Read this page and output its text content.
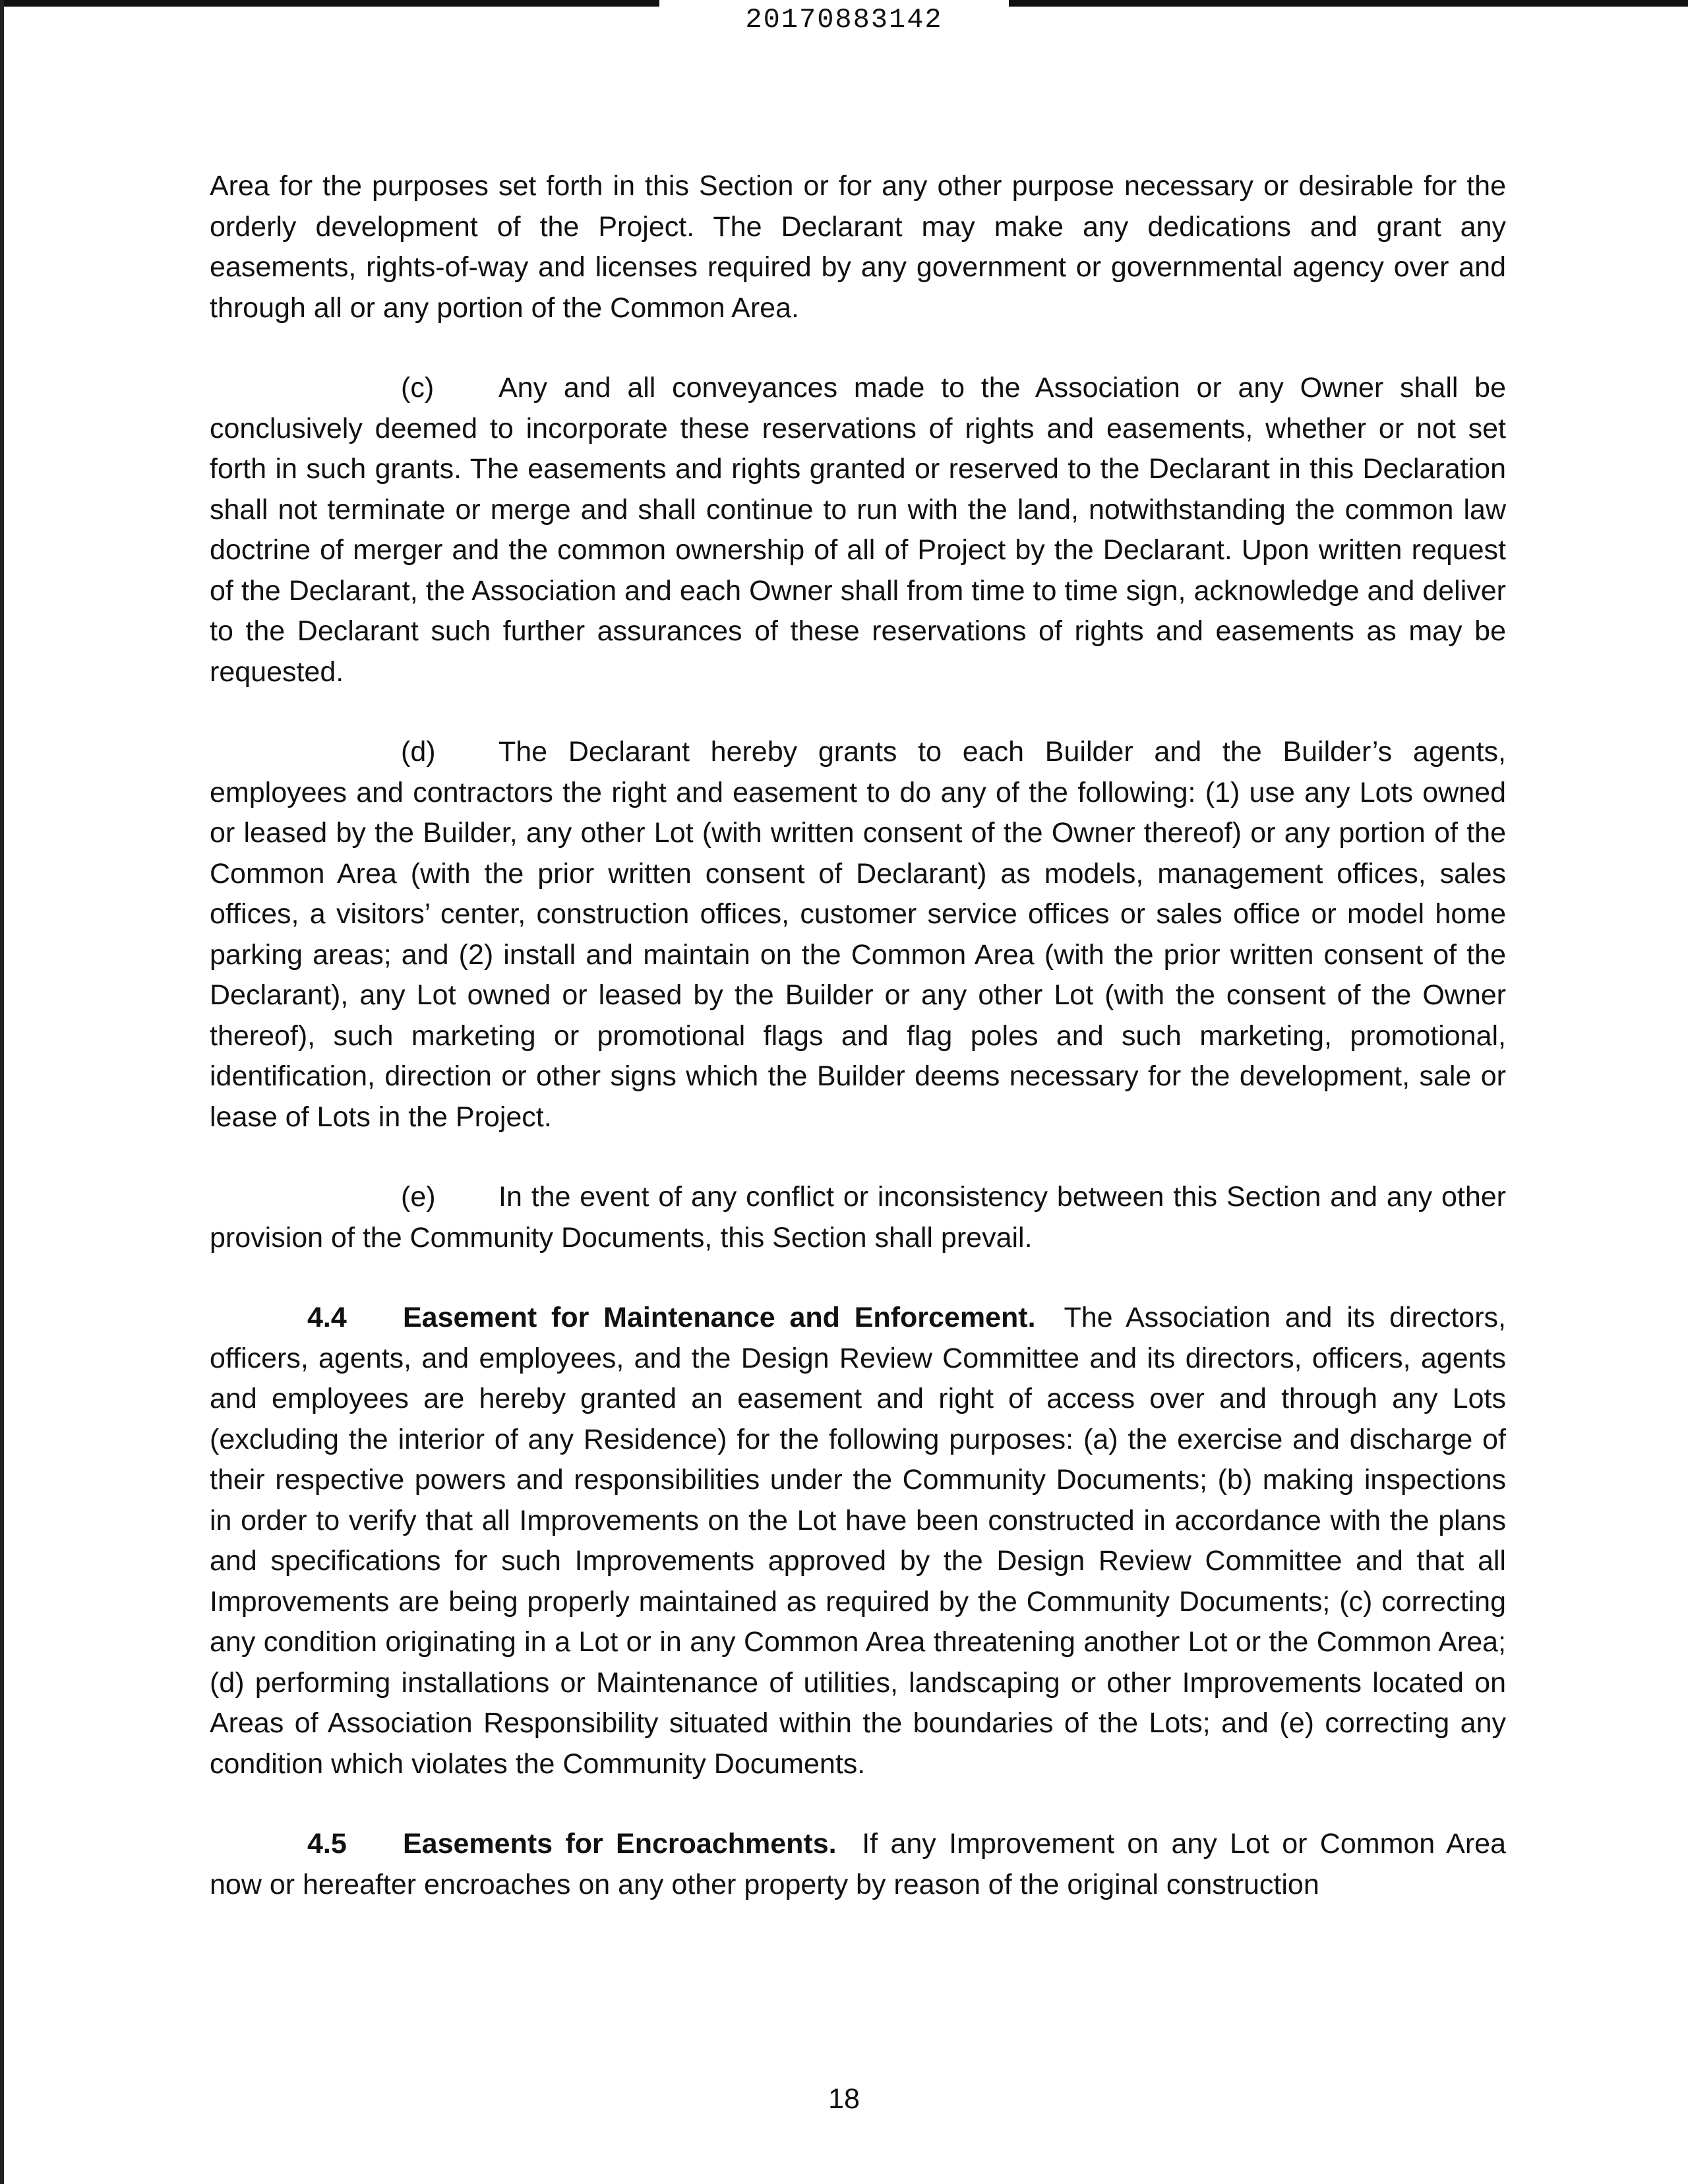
20170883142

Area for the purposes set forth in this Section or for any other purpose necessary or desirable for the orderly development of the Project. The Declarant may make any dedications and grant any easements, rights-of-way and licenses required by any government or governmental agency over and through all or any portion of the Common Area.

(c) Any and all conveyances made to the Association or any Owner shall be conclusively deemed to incorporate these reservations of rights and easements, whether or not set forth in such grants. The easements and rights granted or reserved to the Declarant in this Declaration shall not terminate or merge and shall continue to run with the land, notwithstanding the common law doctrine of merger and the common ownership of all of Project by the Declarant. Upon written request of the Declarant, the Association and each Owner shall from time to time sign, acknowledge and deliver to the Declarant such further assurances of these reservations of rights and easements as may be requested.

(d) The Declarant hereby grants to each Builder and the Builder’s agents, employees and contractors the right and easement to do any of the following: (1) use any Lots owned or leased by the Builder, any other Lot (with written consent of the Owner thereof) or any portion of the Common Area (with the prior written consent of Declarant) as models, management offices, sales offices, a visitors’ center, construction offices, customer service offices or sales office or model home parking areas; and (2) install and maintain on the Common Area (with the prior written consent of the Declarant), any Lot owned or leased by the Builder or any other Lot (with the consent of the Owner thereof), such marketing or promotional flags and flag poles and such marketing, promotional, identification, direction or other signs which the Builder deems necessary for the development, sale or lease of Lots in the Project.

(e) In the event of any conflict or inconsistency between this Section and any other provision of the Community Documents, this Section shall prevail.

4.4 Easement for Maintenance and Enforcement. The Association and its directors, officers, agents, and employees, and the Design Review Committee and its directors, officers, agents and employees are hereby granted an easement and right of access over and through any Lots (excluding the interior of any Residence) for the following purposes: (a) the exercise and discharge of their respective powers and responsibilities under the Community Documents; (b) making inspections in order to verify that all Improvements on the Lot have been constructed in accordance with the plans and specifications for such Improvements approved by the Design Review Committee and that all Improvements are being properly maintained as required by the Community Documents; (c) correcting any condition originating in a Lot or in any Common Area threatening another Lot or the Common Area; (d) performing installations or Maintenance of utilities, landscaping or other Improvements located on Areas of Association Responsibility situated within the boundaries of the Lots; and (e) correcting any condition which violates the Community Documents.

4.5 Easements for Encroachments. If any Improvement on any Lot or Common Area now or hereafter encroaches on any other property by reason of the original construction

18
